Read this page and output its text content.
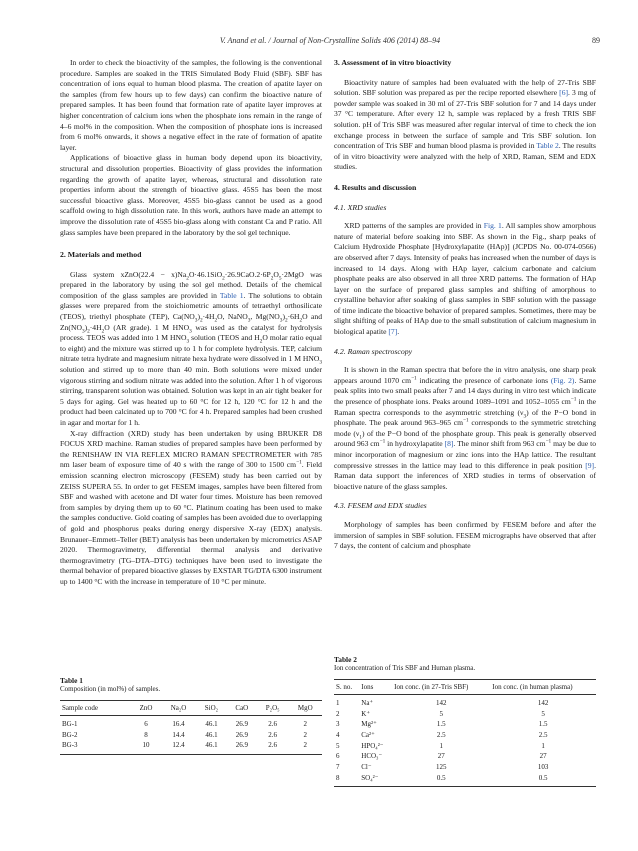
V. Anand et al. / Journal of Non-Crystalline Solids 406 (2014) 88–94	89

In order to check the bioactivity of the samples, the following is the conventional procedure. Samples are soaked in the TRIS Simulated Body Fluid (SBF). SBF has concentration of ions equal to human blood plasma. The creation of apatite layer on the samples (from few hours up to few days) can confirm the bioactive nature of prepared samples. It has been found that formation rate of apatite layer improves at higher concentration of calcium ions when the phosphate ions remain in the range of 4–6 mol% in the composition. When the composition of phosphate ions is increased from 6 mol% onwards, it shows a negative effect in the rate of formation of apatite layer.

Applications of bioactive glass in human body depend upon its bioactivity, structural and dissolution properties. Bioactivity of glass provides the information regarding the growth of apatite layer, whereas, structural and dissolution rate properties inform about the strength of bioactive glass. 45S5 has been the most successful bioactive glass. Moreover, 45S5 bio-glass cannot be used as a good scaffold owing to high dissolution rate. In this work, authors have made an attempt to improve the dissolution rate of 45S5 bio-glass along with constant Ca and P ratio. All glass samples have been prepared in the laboratory by the sol gel technique.

2. Materials and method

Glass system xZnO(22.4 − $x)Na_2O\cdot 46.1SiO_2\cdot 26.9CaO.2\cdot 6P_2O_5\cdot 2MgO$ was prepared in the laboratory by using the sol gel method. Details of the chemical composition of the glass samples are provided in Table 1. The solutions to obtain glasses were prepared from the stoichiometric amounts of tetraethyl orthosilicate (TEOS), triethyl phosphate (TEP), $Ca(NO_3)_2\cdot 4H_2O$, NaNO$_3$, $Mg(NO_3)_2\cdot 6H_2O$ and $Zn(NO_3)_2\cdot 4H_2O$ (AR grade). 1 M $HNO_3$ was used as the catalyst for hydrolysis process. TEOS was added into 1 M $HNO_3$ solution (TEOS and $H_2O$ molar ratio equal to eight) and the mixture was stirred up to 1 h for complete hydrolysis. TEP, calcium nitrate tetra hydrate and magnesium nitrate hexa hydrate were dissolved in 1 M $HNO_3$ solution and stirred up to more than 40 min. Both solutions were mixed under vigorous stirring and sodium nitrate was added into the solution. After 1 h of vigorous stirring, transparent solution was obtained. Solution was kept in an air tight beaker for 5 days for aging. Gel was heated up to 60 °C for 12 h, 120 °C for 12 h and the product had been calcinated up to 700 °C for 4 h. Prepared samples had been crushed in agar and mortar for 1 h.

X-ray diffraction (XRD) study has been undertaken by using BRUKER D8 FOCUS XRD machine. Raman studies of prepared samples have been performed by the RENISHAW IN VIA REFLEX MICRO RAMAN SPECTROMETER with 785 nm laser beam of exposure time of 40 s with the range of 300 to 1500 $cm^{-1}$. Field emission scanning electron microscopy (FESEM) study has been carried out by ZEISS SUPERA 55. In order to get FESEM images, samples have been filtered from SBF and washed with acetone and DI water four times. Moisture has been removed from samples by drying them up to 60 °C. Platinum coating has been used to make the samples conductive. Gold coating of samples has been avoided due to overlapping of gold and phosphorus peaks during energy dispersive X-ray (EDX) analysis. Brunauer–Emmett–Teller (BET) analysis has been undertaken by micrometrics ASAP 2020. Thermogravimetry, differential thermal analysis and derivative thermogravimetry (TG–DTA–DTG) techniques have been used to investigate the thermal behavior of prepared bioactive glasses by EXSTAR TG/DTA 6300 instrument up to 1400 °C with the increase in temperature of 10 °C per minute.

3. Assessment of in vitro bioactivity

Bioactivity nature of samples had been evaluated with the help of 27-Tris SBF solution. SBF solution was prepared as per the recipe reported elsewhere [6]. 3 mg of powder sample was soaked in 30 ml of 27-Tris SBF solution for 7 and 14 days under 37 °C temperature. After every 12 h, sample was replaced by a fresh TRIS SBF solution. pH of Tris SBF was measured after regular interval of time to check the ion exchange process in between the surface of sample and Tris SBF solution. Ion concentration of Tris SBF and human blood plasma is provided in Table 2. The results of in vitro bioactivity were analyzed with the help of XRD, Raman, SEM and EDX studies.

4. Results and discussion
4.1. XRD studies

XRD patterns of the samples are provided in Fig. 1. All samples show amorphous nature of material before soaking into SBF. As shown in the Fig., sharp peaks of Calcium Hydroxide Phosphate [Hydroxylapatite (HAp)] (JCPDS No. 00-074-0566) are observed after 7 days. Intensity of peaks has increased when the number of days is increased to 14 days. Along with HAp layer, calcium carbonate and calcium phosphate peaks are also observed in all three XRD patterns. The formation of HAp layer on the surface of prepared glass samples and shifting of amorphous to crystalline behavior after soaking of glass samples in SBF solution with the passage of time indicate the bioactive behavior of prepared samples. Sometimes, there may be slight shifting of peaks of HAp due to the small substitution of calcium magnesium in biological apatite [7].

4.2. Raman spectroscopy

It is shown in the Raman spectra that before the in vitro analysis, one sharp peak appears around 1070 $cm^{-1}$ indicating the presence of carbonate ions (Fig. 2). Same peak splits into two small peaks after 7 and 14 days during in vitro test which indicate the presence of phosphate ions. Peaks around 1089–1091 and 1052–1055 $cm^{-1}$ in the Raman spectra corresponds to the asymmetric stretching $(\nu_3)$ of the P−O bond in phosphate. The peak around 963–965 $cm^{-1}$ corresponds to the symmetric stretching mode $(\nu_1)$ of the P−O bond of the phosphate group. This peak is generally observed around 963 $cm^{-1}$ in hydroxylapatite [8]. The minor shift from 963 $cm^{-1}$ may be due to minor incorporation of magnesium or zinc ions into the HAp lattice. The resultant compressive stresses in the lattice may lead to this difference in peak position [9]. Raman data support the inferences of XRD studies in terms of observation of bioactive nature of the glass samples.

4.3. FESEM and EDX studies

Morphology of samples has been confirmed by FESEM before and after the immersion of samples in SBF solution. FESEM micrographs have observed that after 7 days, the content of calcium and phosphate

Table 1
Composition (in mol%) of samples.
Sample code	ZnO	Na₂O	SiO₂	CaO	P₂O₅	MgO
BG-1	6	16.4	46.1	26.9	2.6	2
BG-2	8	14.4	46.1	26.9	2.6	2
BG-3	10	12.4	46.1	26.9	2.6	2
Table 2
Ion concentration of Tris SBF and Human plasma.
S. no.	Ions	Ion conc. (in 27-Tris SBF)	Ion conc. (in human plasma)
1	Na⁺	142	142
2	K⁺	5	5
3	Mg²⁺	1.5	1.5
4	Ca²⁺	2.5	2.5
5	HPO₄²⁻	1	1
6	HCO₃⁻	27	27
7	Cl⁻	125	103
8	SO₄²⁻	0.5	0.5
